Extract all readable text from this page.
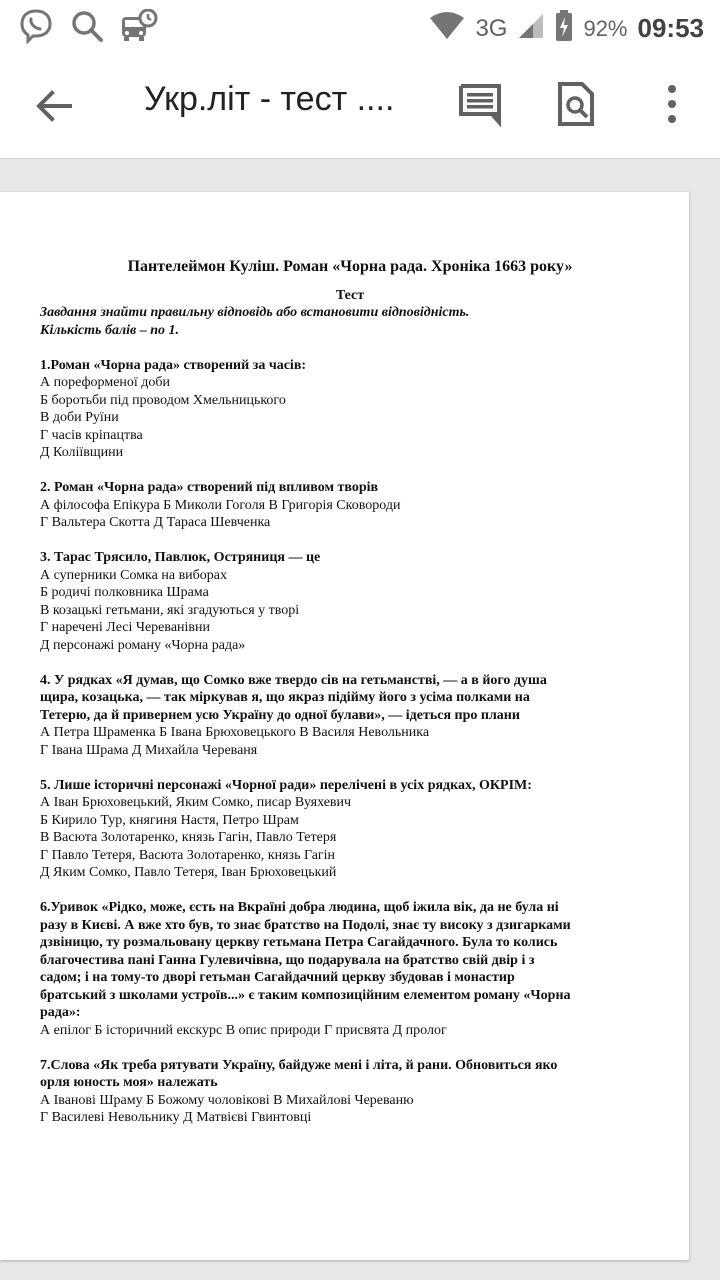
3G	92% 09:53
Укр.літ - тест ....

Пантелеймон Куліш. Роман «Чорна рада. Хроніка 1663 року»

Тест

Завдання знайти правильну відповідь або встановити відповідність.

Кількість балів – по 1.

1.Роман «Чорна рада» створений за часів:

А пореформеної доби

Б боротьби під проводом Хмельницького

В доби Руїни

Г часів кріпацтва

Д Коліївщини

2. Роман «Чорна рада» створений під впливом творів

А філософа Епікура Б Миколи Гоголя В Григорія Сковороди

Г Вальтера Скотта Д Тараса Шевченка

3. Тарас Трясило, Павлюк, Остряниця — це

А суперники Сомка на виборах

Б родичі полковника Шрама

В козацькі гетьмани, які згадуються у творі

Г наречені Лесі Череванівни

Д персонажі роману «Чорна рада»

4. У рядках «Я думав, що Сомко вже твердо сів на гетьманстві, — а в його душа

щира, козацька, — так міркував я, що якраз підійму його з усіма полками на

Тетерю, да й привернем усю Україну до одної булави», — ідеться про плани

А Петра Шраменка Б Івана Брюховецького В Василя Невольника

Г Івана Шрама Д Михайла Череваня

5. Лише історичні персонажі «Чорної ради» перелічені в усіх рядках, ОКРІМ:

А Іван Брюховецький, Яким Сомко, писар Вуяхевич

Б Кирило Тур, княгиня Настя, Петро Шрам

В Васюта Золотаренко, князь Гагін, Павло Тетеря

Г Павло Тетеря, Васюта Золотаренко, князь Гагін

Д Яким Сомко, Павло Тетеря, Іван Брюховецький

6.Уривок «Рідко, може, єсть на Вкраїні добра людина, щоб іжила вік, да не була ні

разу в Києві. А вже хто був, то знає братство на Подолі, знає ту високу з дзигарками

дзвіницю, ту розмальовану церкву гетьмана Петра Сагайдачного. Була то колись

благочестива пані Ганна Гулевичівна, що подарувала на братство свій двір і з

садом; і на тому-то дворі гетьман Сагайдачний церкву збудовав і монастир

братський з школами устроїв...» є таким композиційним елементом роману «Чорна

рада»:

А епілог Б історичний екскурс В опис природи Г присвята Д пролог

7.Слова «Як треба рятувати Україну, байдуже мені і літа, й рани. Обновиться яко

орля юность моя» належать

А Івановi Шраму Б Божому чоловікові В Михайлові Череваню

Г Василеві Невольнику Д Матвієві Гвинтовці
